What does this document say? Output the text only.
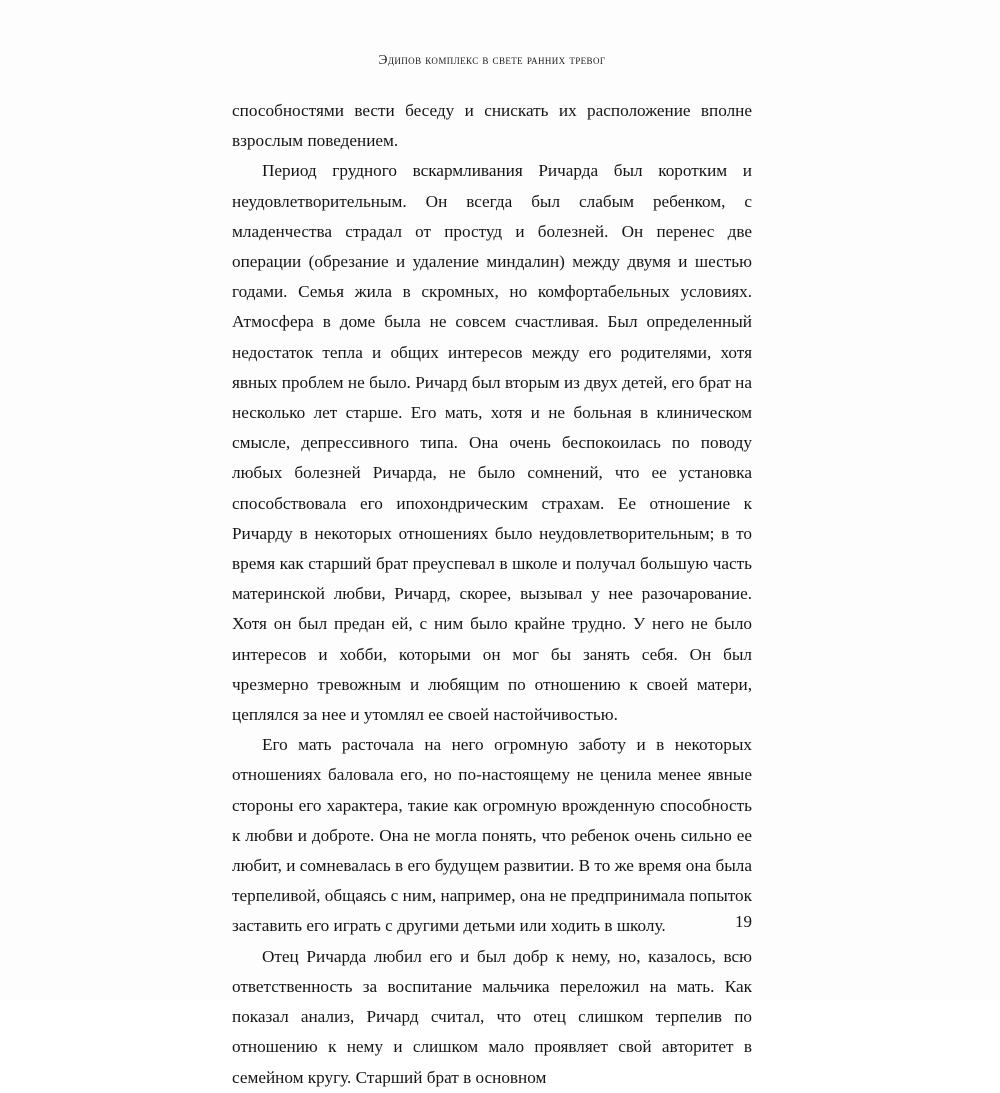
Эдипов комплекс в свете ранних тревог

способностями вести беседу и снискать их расположение вполне взрослым поведением.

Период грудного вскармливания Ричарда был коротким и неудовлетворительным. Он всегда был слабым ребенком, с младенчества страдал от простуд и болезней. Он перенес две операции (обрезание и удаление миндалин) между двумя и шестью годами. Семья жила в скромных, но комфортабельных условиях. Атмосфера в доме была не совсем счастливая. Был определенный недостаток тепла и общих интересов между его родителями, хотя явных проблем не было. Ричард был вторым из двух детей, его брат на несколько лет старше. Его мать, хотя и не больная в клиническом смысле, депрессивного типа. Она очень беспокоилась по поводу любых болезней Ричарда, не было сомнений, что ее установка способствовала его ипохондрическим страхам. Ее отношение к Ричарду в некоторых отношениях было неудовлетворительным; в то время как старший брат преуспевал в школе и получал большую часть материнской любви, Ричард, скорее, вызывал у нее разочарование. Хотя он был предан ей, с ним было крайне трудно. У него не было интересов и хобби, которыми он мог бы занять себя. Он был чрезмерно тревожным и любящим по отношению к своей матери, цеплялся за нее и утомлял ее своей настойчивостью.

Его мать расточала на него огромную заботу и в некоторых отношениях баловала его, но по-настоящему не ценила менее явные стороны его характера, такие как огромную врожденную способность к любви и доброте. Она не могла понять, что ребенок очень сильно ее любит, и сомневалась в его будущем развитии. В то же время она была терпеливой, общаясь с ним, например, она не предпринимала попыток заставить его играть с другими детьми или ходить в школу.

Отец Ричарда любил его и был добр к нему, но, казалось, всю ответственность за воспитание мальчика переложил на мать. Как показал анализ, Ричард считал, что отец слишком терпелив по отношению к нему и слишком мало проявляет свой авторитет в семейном кругу. Старший брат в основном

19
